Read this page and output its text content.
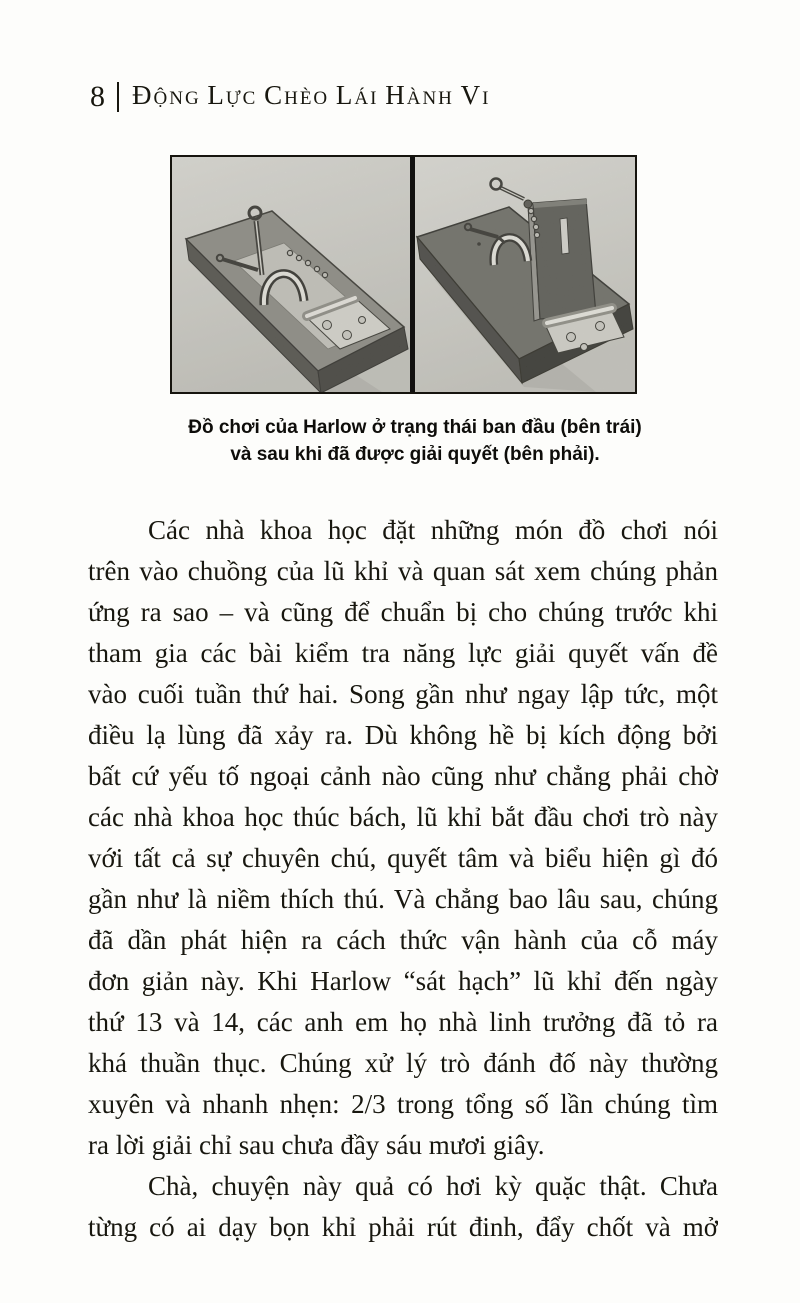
8 ĐỘNG LỰC CHÈO LÁI HÀNH VI
Đồ chơi của Harlow ở trạng thái ban đầu (bên trái)
và sau khi đã được giải quyết (bên phải).
Các nhà khoa học đặt những món đồ chơi nói
trên vào chuồng của lũ khỉ và quan sát xem chúng phản
ứng ra sao – và cũng để chuẩn bị cho chúng trước khi
tham gia các bài kiểm tra năng lực giải quyết vấn đề
vào cuối tuần thứ hai. Song gần như ngay lập tức, một
điều lạ lùng đã xảy ra. Dù không hề bị kích động bởi
bất cứ yếu tố ngoại cảnh nào cũng như chẳng phải chờ
các nhà khoa học thúc bách, lũ khỉ bắt đầu chơi trò này
với tất cả sự chuyên chú, quyết tâm và biểu hiện gì đó
gần như là niềm thích thú. Và chẳng bao lâu sau, chúng
đã dần phát hiện ra cách thức vận hành của cỗ máy
đơn giản này. Khi Harlow “sát hạch” lũ khỉ đến ngày
thứ 13 và 14, các anh em họ nhà linh trưởng đã tỏ ra
khá thuần thục. Chúng xử lý trò đánh đố này thường
xuyên và nhanh nhẹn: 2/3 trong tổng số lần chúng tìm
ra lời giải chỉ sau chưa đầy sáu mươi giây.
Chà, chuyện này quả có hơi kỳ quặc thật. Chưa
từng có ai dạy bọn khỉ phải rút đinh, đẩy chốt và mở
